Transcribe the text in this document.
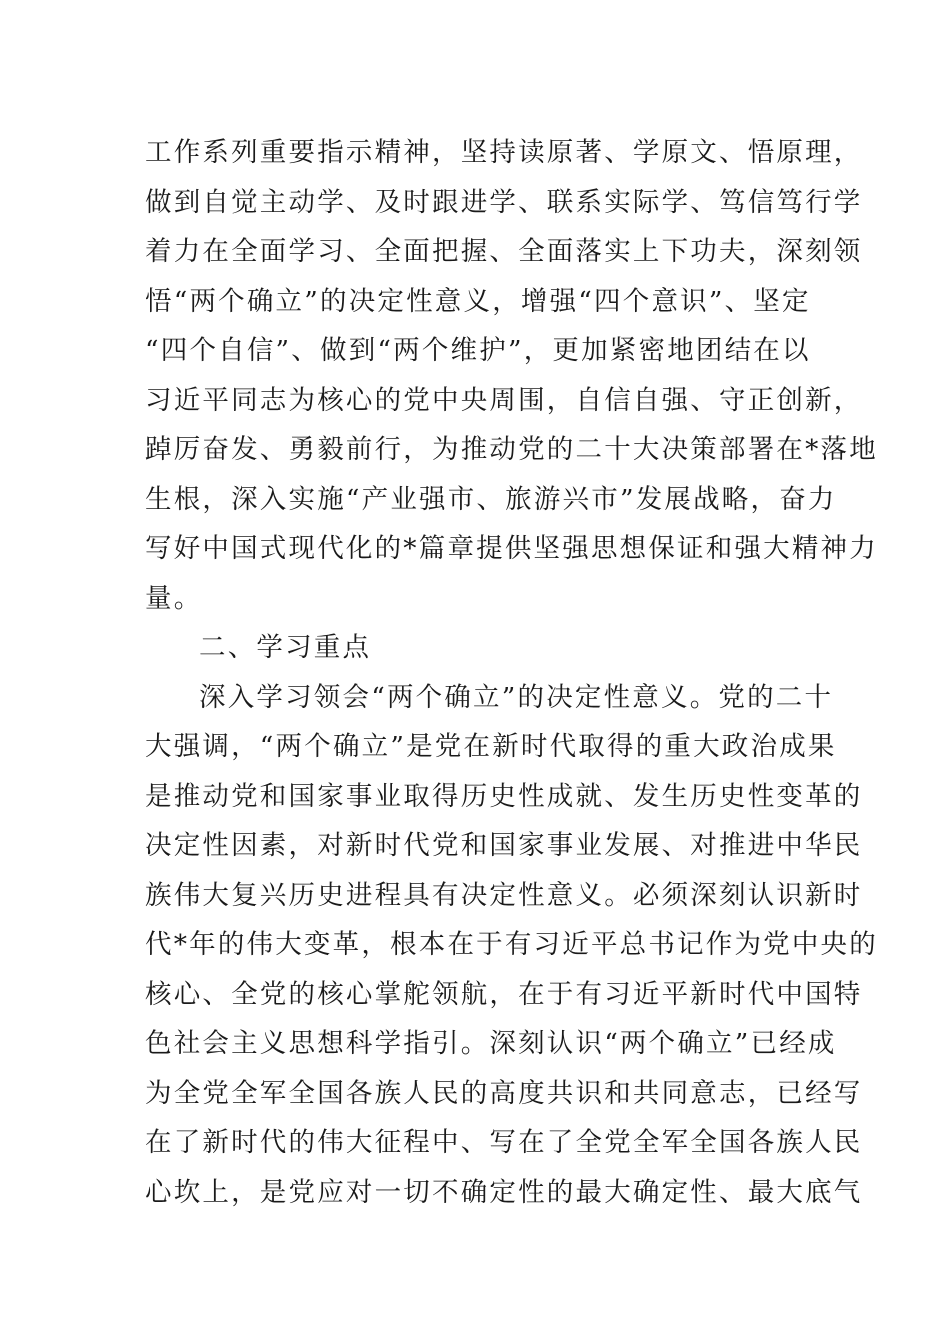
工作系列重要指示精神，坚持读原著、学原文、悟原理，
做到自觉主动学、及时跟进学、联系实际学、笃信笃行学
着力在全面学习、全面把握、全面落实上下功夫，深刻领
悟“两个确立”的决定性意义，增强“四个意识”、坚定
“四个自信”、做到“两个维护”，更加紧密地团结在以
习近平同志为核心的党中央周围，自信自强、守正创新，
踔厉奋发、勇毅前行，为推动党的二十大决策部署在*落地
生根，深入实施“产业强市、旅游兴市”发展战略，奋力
写好中国式现代化的*篇章提供坚强思想保证和强大精神力
量。
二、学习重点
深入学习领会“两个确立”的决定性意义。党的二十
大强调，“两个确立”是党在新时代取得的重大政治成果
是推动党和国家事业取得历史性成就、发生历史性变革的
决定性因素，对新时代党和国家事业发展、对推进中华民
族伟大复兴历史进程具有决定性意义。必须深刻认识新时
代*年的伟大变革，根本在于有习近平总书记作为党中央的
核心、全党的核心掌舵领航，在于有习近平新时代中国特
色社会主义思想科学指引。深刻认识“两个确立”已经成
为全党全军全国各族人民的高度共识和共同意志，已经写
在了新时代的伟大征程中、写在了全党全军全国各族人民
心坎上，是党应对一切不确定性的最大确定性、最大底气
